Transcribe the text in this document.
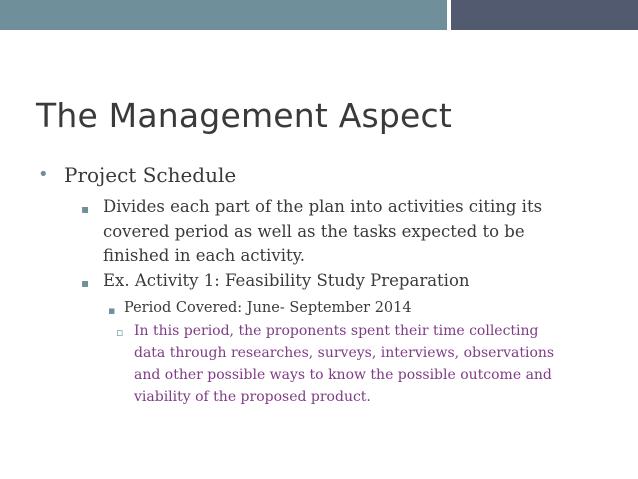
The Management Aspect
• Project Schedule
▪ Divides each part of the plan into activities citing its
covered period as well as the tasks expected to be
finished in each activity.
▪ Ex. Activity 1: Feasibility Study Preparation
▪ Period Covered: June- September 2014
▫ In this period, the proponents spent their time collecting
data through researches, surveys, interviews, observations
and other possible ways to know the possible outcome and
viability of the proposed product.
